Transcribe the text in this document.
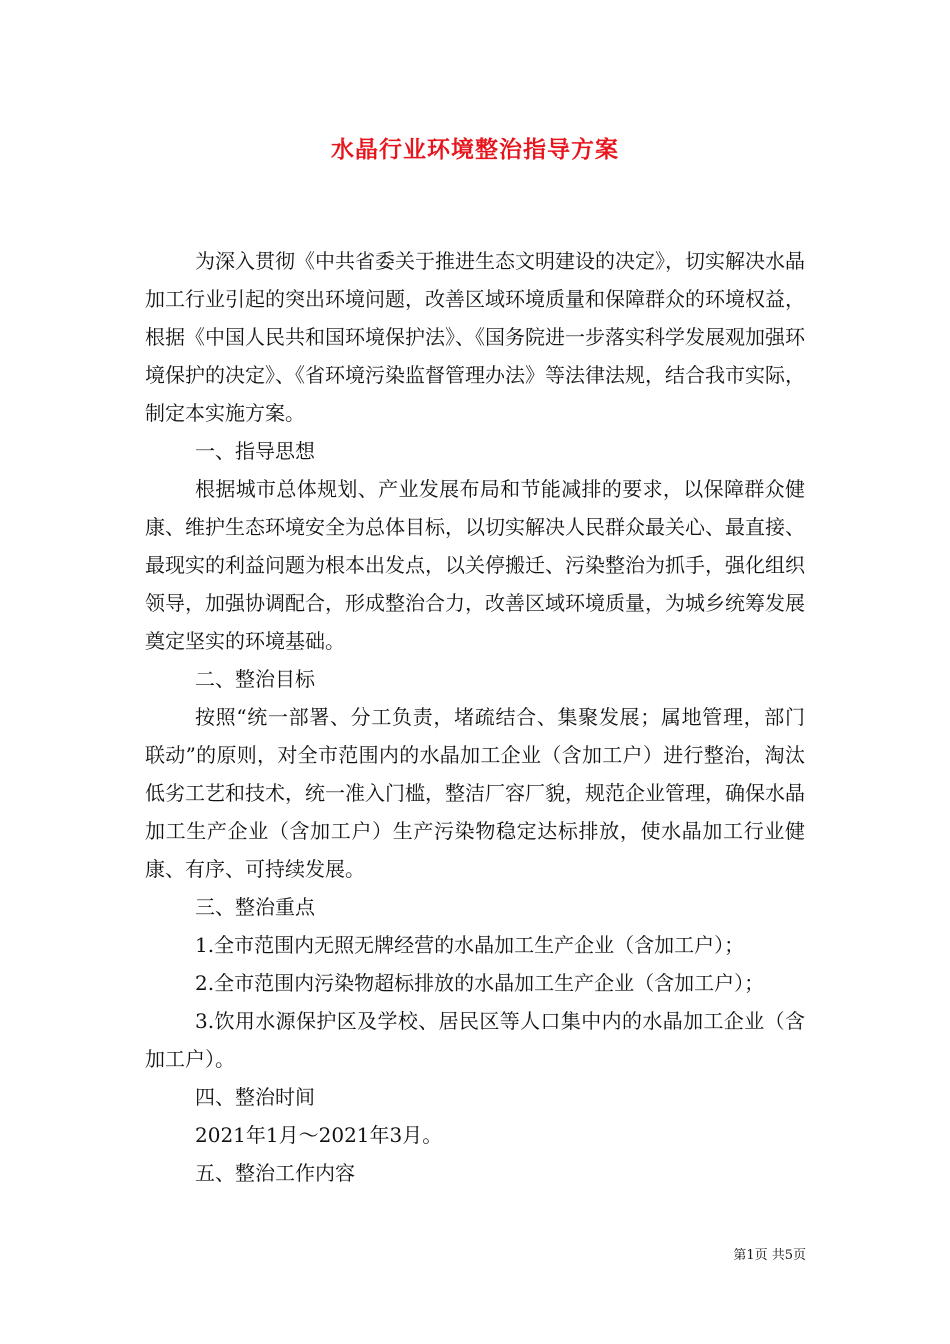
水晶行业环境整治指导方案

为深入贯彻《中共省委关于推进生态文明建设的决定》，切实解决水晶加工行业引起的突出环境问题，改善区域环境质量和保障群众的环境权益，根据《中国人民共和国环境保护法》、《国务院进一步落实科学发展观加强环境保护的决定》、《省环境污染监督管理办法》等法律法规，结合我市实际，制定本实施方案。

一、指导思想

根据城市总体规划、产业发展布局和节能减排的要求，以保障群众健康、维护生态环境安全为总体目标，以切实解决人民群众最关心、最直接、最现实的利益问题为根本出发点，以关停搬迁、污染整治为抓手，强化组织领导，加强协调配合，形成整治合力，改善区域环境质量，为城乡统筹发展奠定坚实的环境基础。

二、整治目标

按照“统一部署、分工负责，堵疏结合、集聚发展；属地管理，部门联动”的原则，对全市范围内的水晶加工企业（含加工户）进行整治，淘汰低劣工艺和技术，统一准入门槛，整洁厂容厂貌，规范企业管理，确保水晶加工生产企业（含加工户）生产污染物稳定达标排放，使水晶加工行业健康、有序、可持续发展。

三、整治重点

1.全市范围内无照无牌经营的水晶加工生产企业（含加工户）；

2.全市范围内污染物超标排放的水晶加工生产企业（含加工户）；

3.饮用水源保护区及学校、居民区等人口集中内的水晶加工企业（含加工户）。

四、整治时间

2021年1月～2021年3月。

五、整治工作内容

第1页 共5页
